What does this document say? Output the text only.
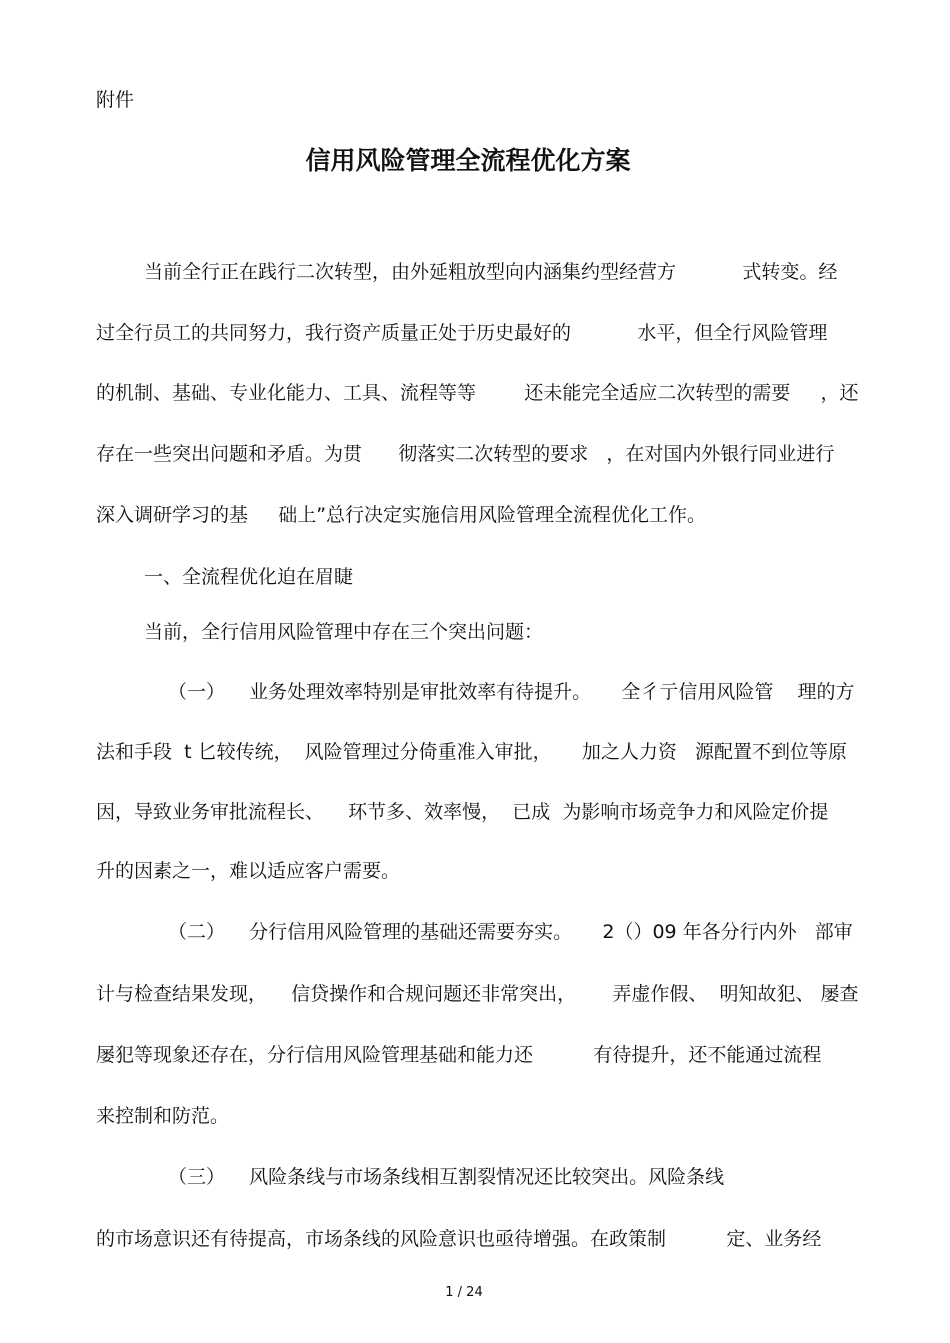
附件

信用风险管理全流程优化方案

当前全行正在践行二次转型，由外延粗放型向内涵集约型经营方           式转变。经

过全行员工的共同努力，我行资产质量正处于历史最好的           水平，但全行风险管理

的机制、基础、专业化能力、工具、流程等等        还未能完全适应二次转型的需要     ，还

存在一些突出问题和矛盾。为贯      彻落实二次转型的要求   ，在对国内外银行同业进行

深入调研学习的基     础上”总行决定实施信用风险管理全流程优化工作。

一、全流程优化迫在眉睫

当前，全行信用风险管理中存在三个突出问题：

（一）    业务处理效率特别是审批效率有待提升。     全彳亍信用风险管    理的方

法和手段  t 匕较传统，  风险管理过分倚重准入审批，     加之人力资   源配置不到位等原

因，导致业务审批流程长、    环节多、效率慢，  已成  为影响市场竞争力和风险定价提

升的因素之一，难以适应客户需要。

（二）    分行信用风险管理的基础还需要夯实。     2（）09 年各分行内外   部审

计与检查结果发现，    信贷操作和合规问题还非常突出，      弄虚作假、  明知故犯、 屡查

屡犯等现象还存在，分行信用风险管理基础和能力还          有待提升，还不能通过流程

来控制和防范。

（三）    风险条线与市场条线相互割裂情况还比较突出。风险条线

的市场意识还有待提高，市场条线的风险意识也亟待增强。在政策制          定、业务经

1 / 24
